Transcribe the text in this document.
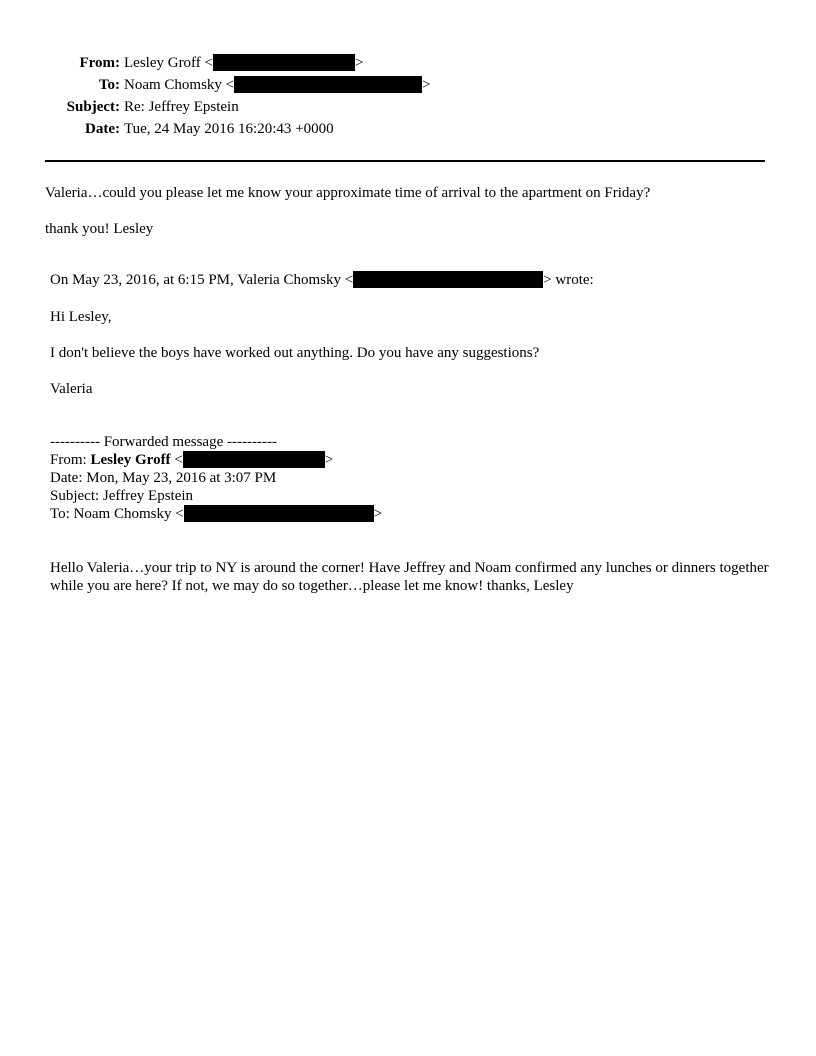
From: Lesley Groff <	>
To: Noam Chomsky <	>
Subject: Re: Jeffrey Epstein
Date: Tue, 24 May 2016 16:20:43 +0000
Valeria…could you please let me know your approximate time of arrival to the apartment on Friday?
thank you! Lesley
On May 23, 2016, at 6:15 PM, Valeria Chomsky <	> wrote:
Hi Lesley,
I don't believe the boys have worked out anything. Do you have any suggestions?
Valeria
---------- Forwarded message ----------
From: Lesley Groff <	>
Date: Mon, May 23, 2016 at 3:07 PM
Subject: Jeffrey Epstein
To: Noam Chomsky <	>
Hello Valeria…your trip to NY is around the corner! Have Jeffrey and Noam confirmed any lunches or dinners together while you are here? If not, we may do so together…please let me know! thanks, Lesley
